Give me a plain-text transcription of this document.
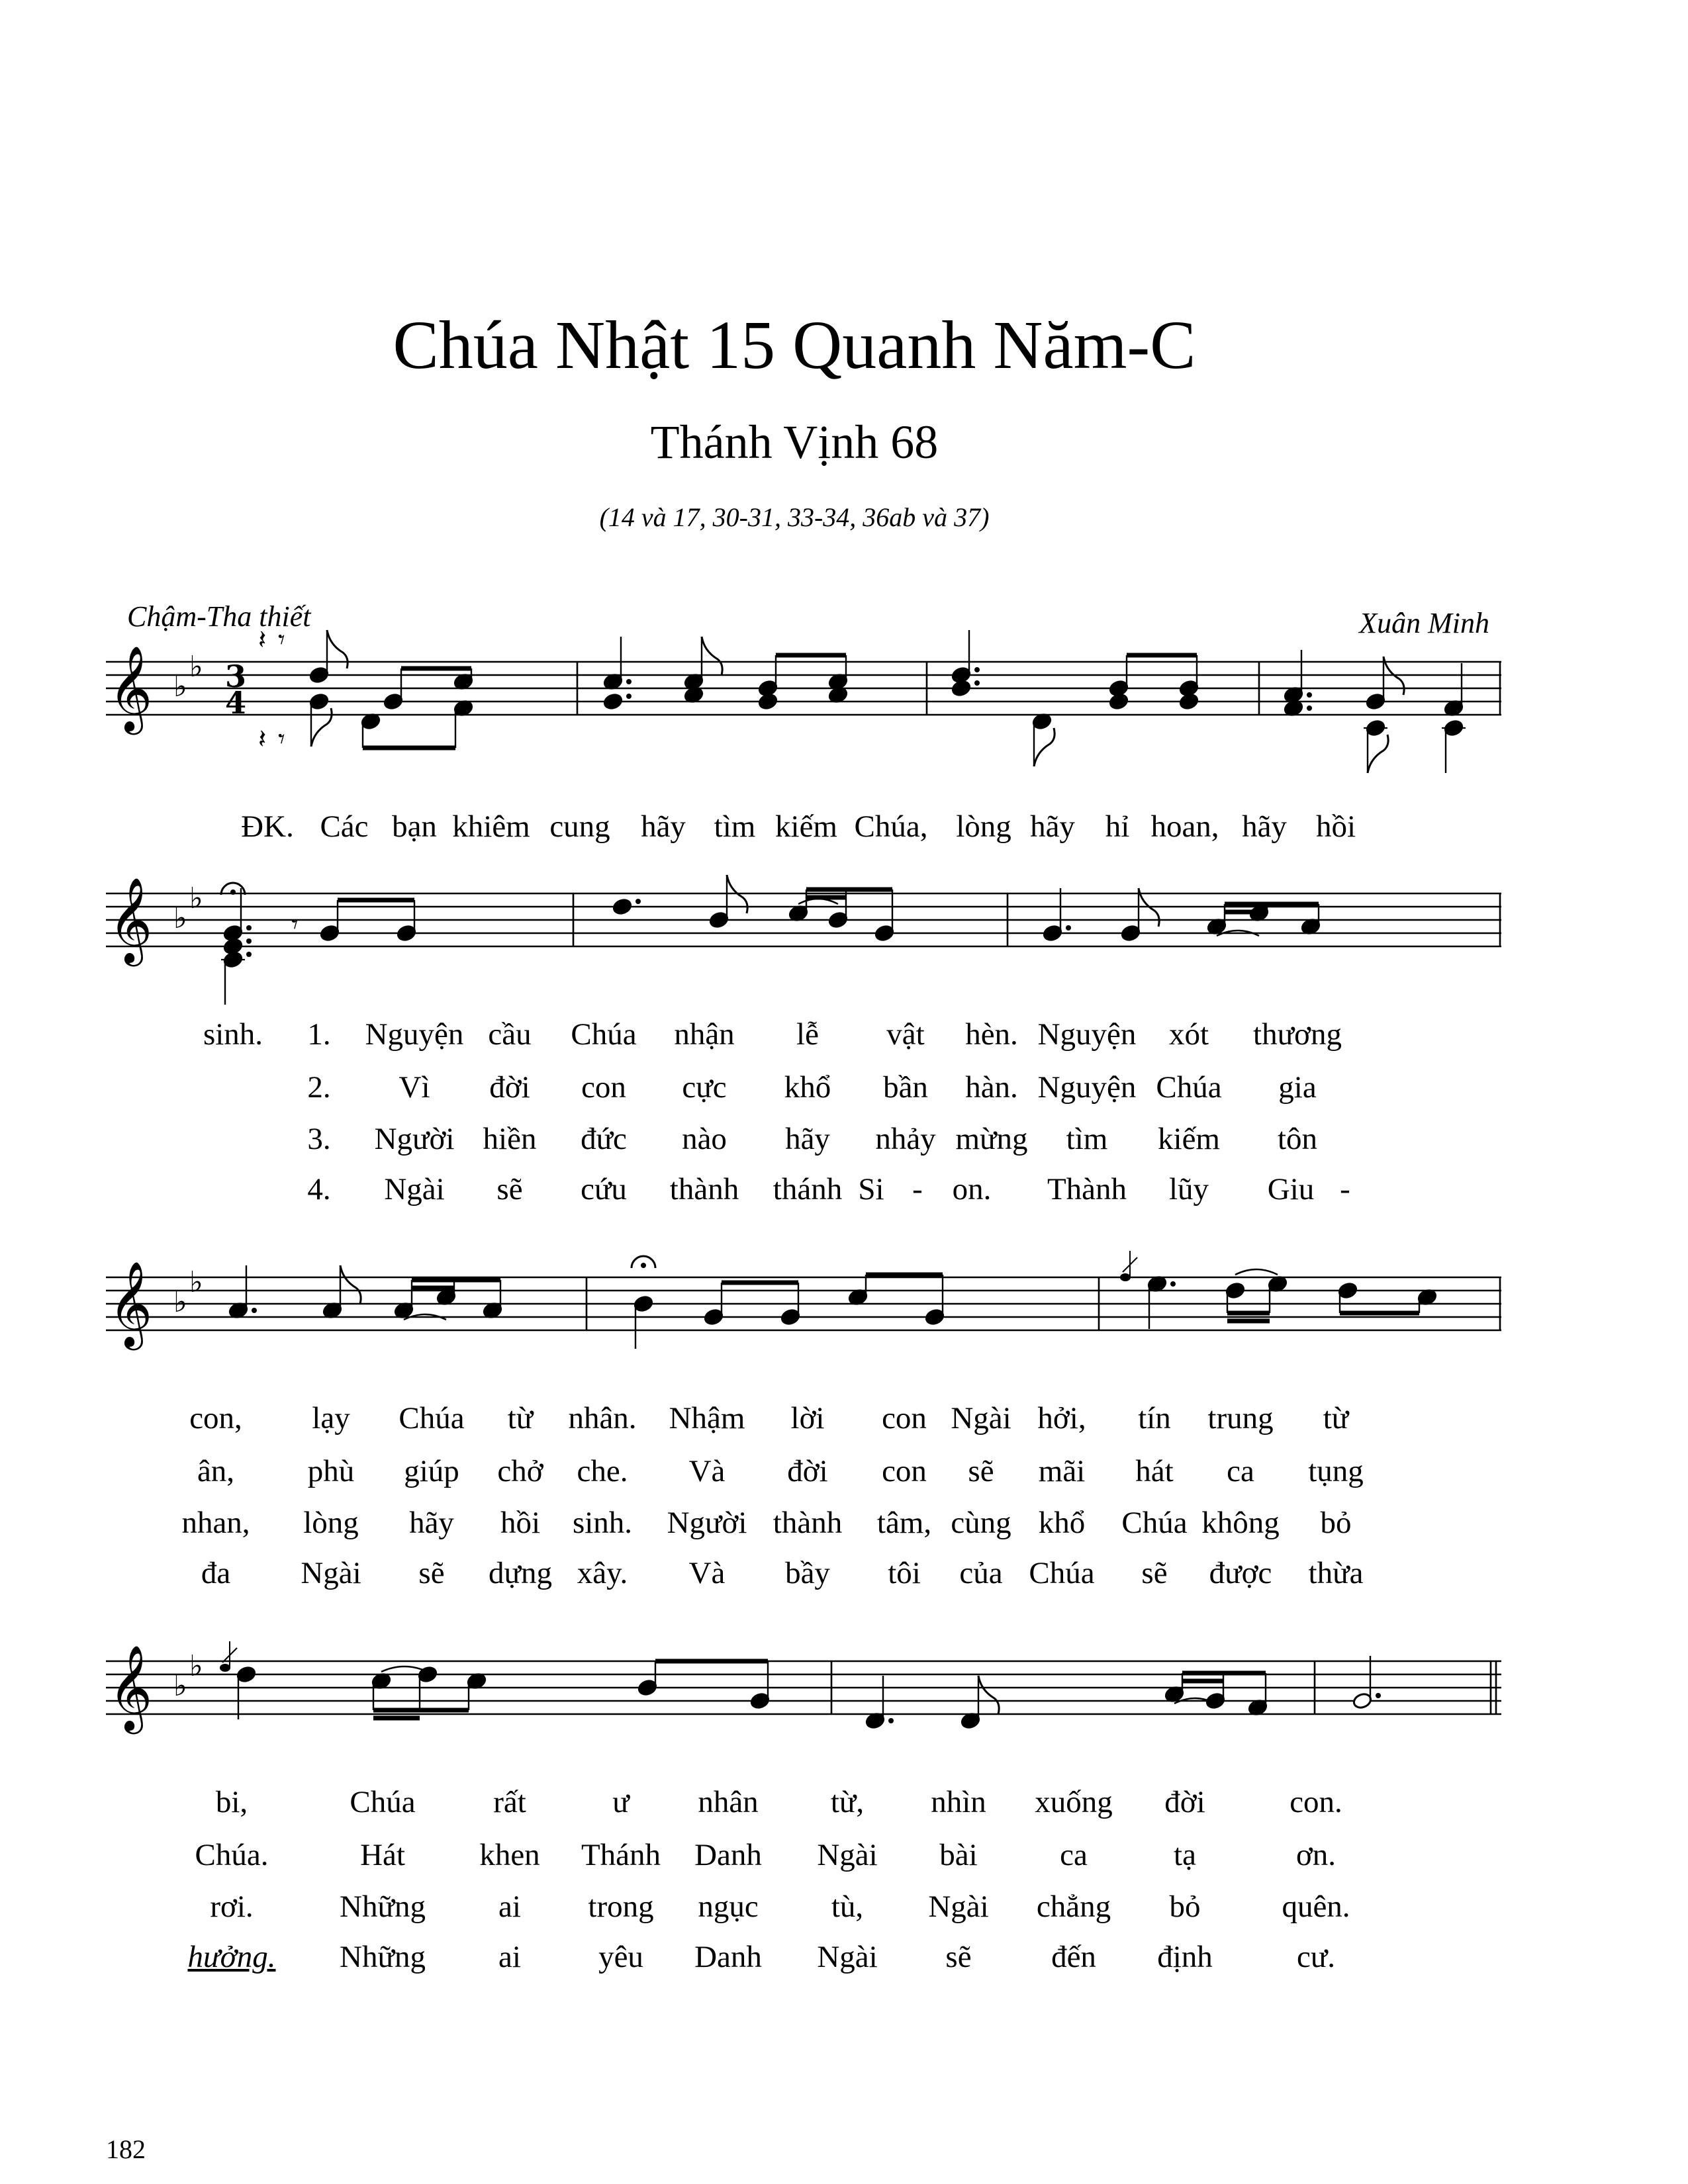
Chúa Nhật 15 Quanh Năm-C
Thánh Vịnh 68
(14 và 17, 30-31, 33-34, 36ab và 37)
Chậm-Tha thiết	Xuân Minh
𝄞 ♭
♭ 3
4
𝄽 𝄾
𝄽 𝄾
𝄞 ♭
♭
𝄾
𝄞 ♭
♭
𝄞 ♭
♭
ĐK. Các bạn khiêm cung hãy tìm kiếm Chúa, lòng hãy hỉ hoan, hãy hồi
sinh. 1. Nguyện cầu Chúa nhận lễ vật hèn. Nguyện xót thương
2. Vì đời con cực khổ bần hàn. Nguyện Chúa gia
3. Người hiền đức nào hãy nhảy mừng tìm kiếm tôn
4. Ngài sẽ cứu thành thánh Si - on. Thành lũy Giu -
con, lạy Chúa từ nhân. Nhậm lời con Ngài hởi, tín trung từ
ân, phù giúp chở che. Và đời con sẽ mãi hát ca tụng
nhan, lòng hãy hồi sinh. Người thành tâm, cùng khổ Chúa không bỏ
đa Ngài sẽ dựng xây. Và bầy tôi của Chúa sẽ được thừa
bi,	Chúa	rất	ư nhân từ, nhìn xuống đời	con.
Chúa.	Hát khen Thánh Danh Ngài bài	ca	tạ	ơn.
rơi.	Những ai trong ngục tù, Ngài chẳng bỏ	quên.
hưởng. Những ai yêu Danh Ngài sẽ	đến định	cư.
182
